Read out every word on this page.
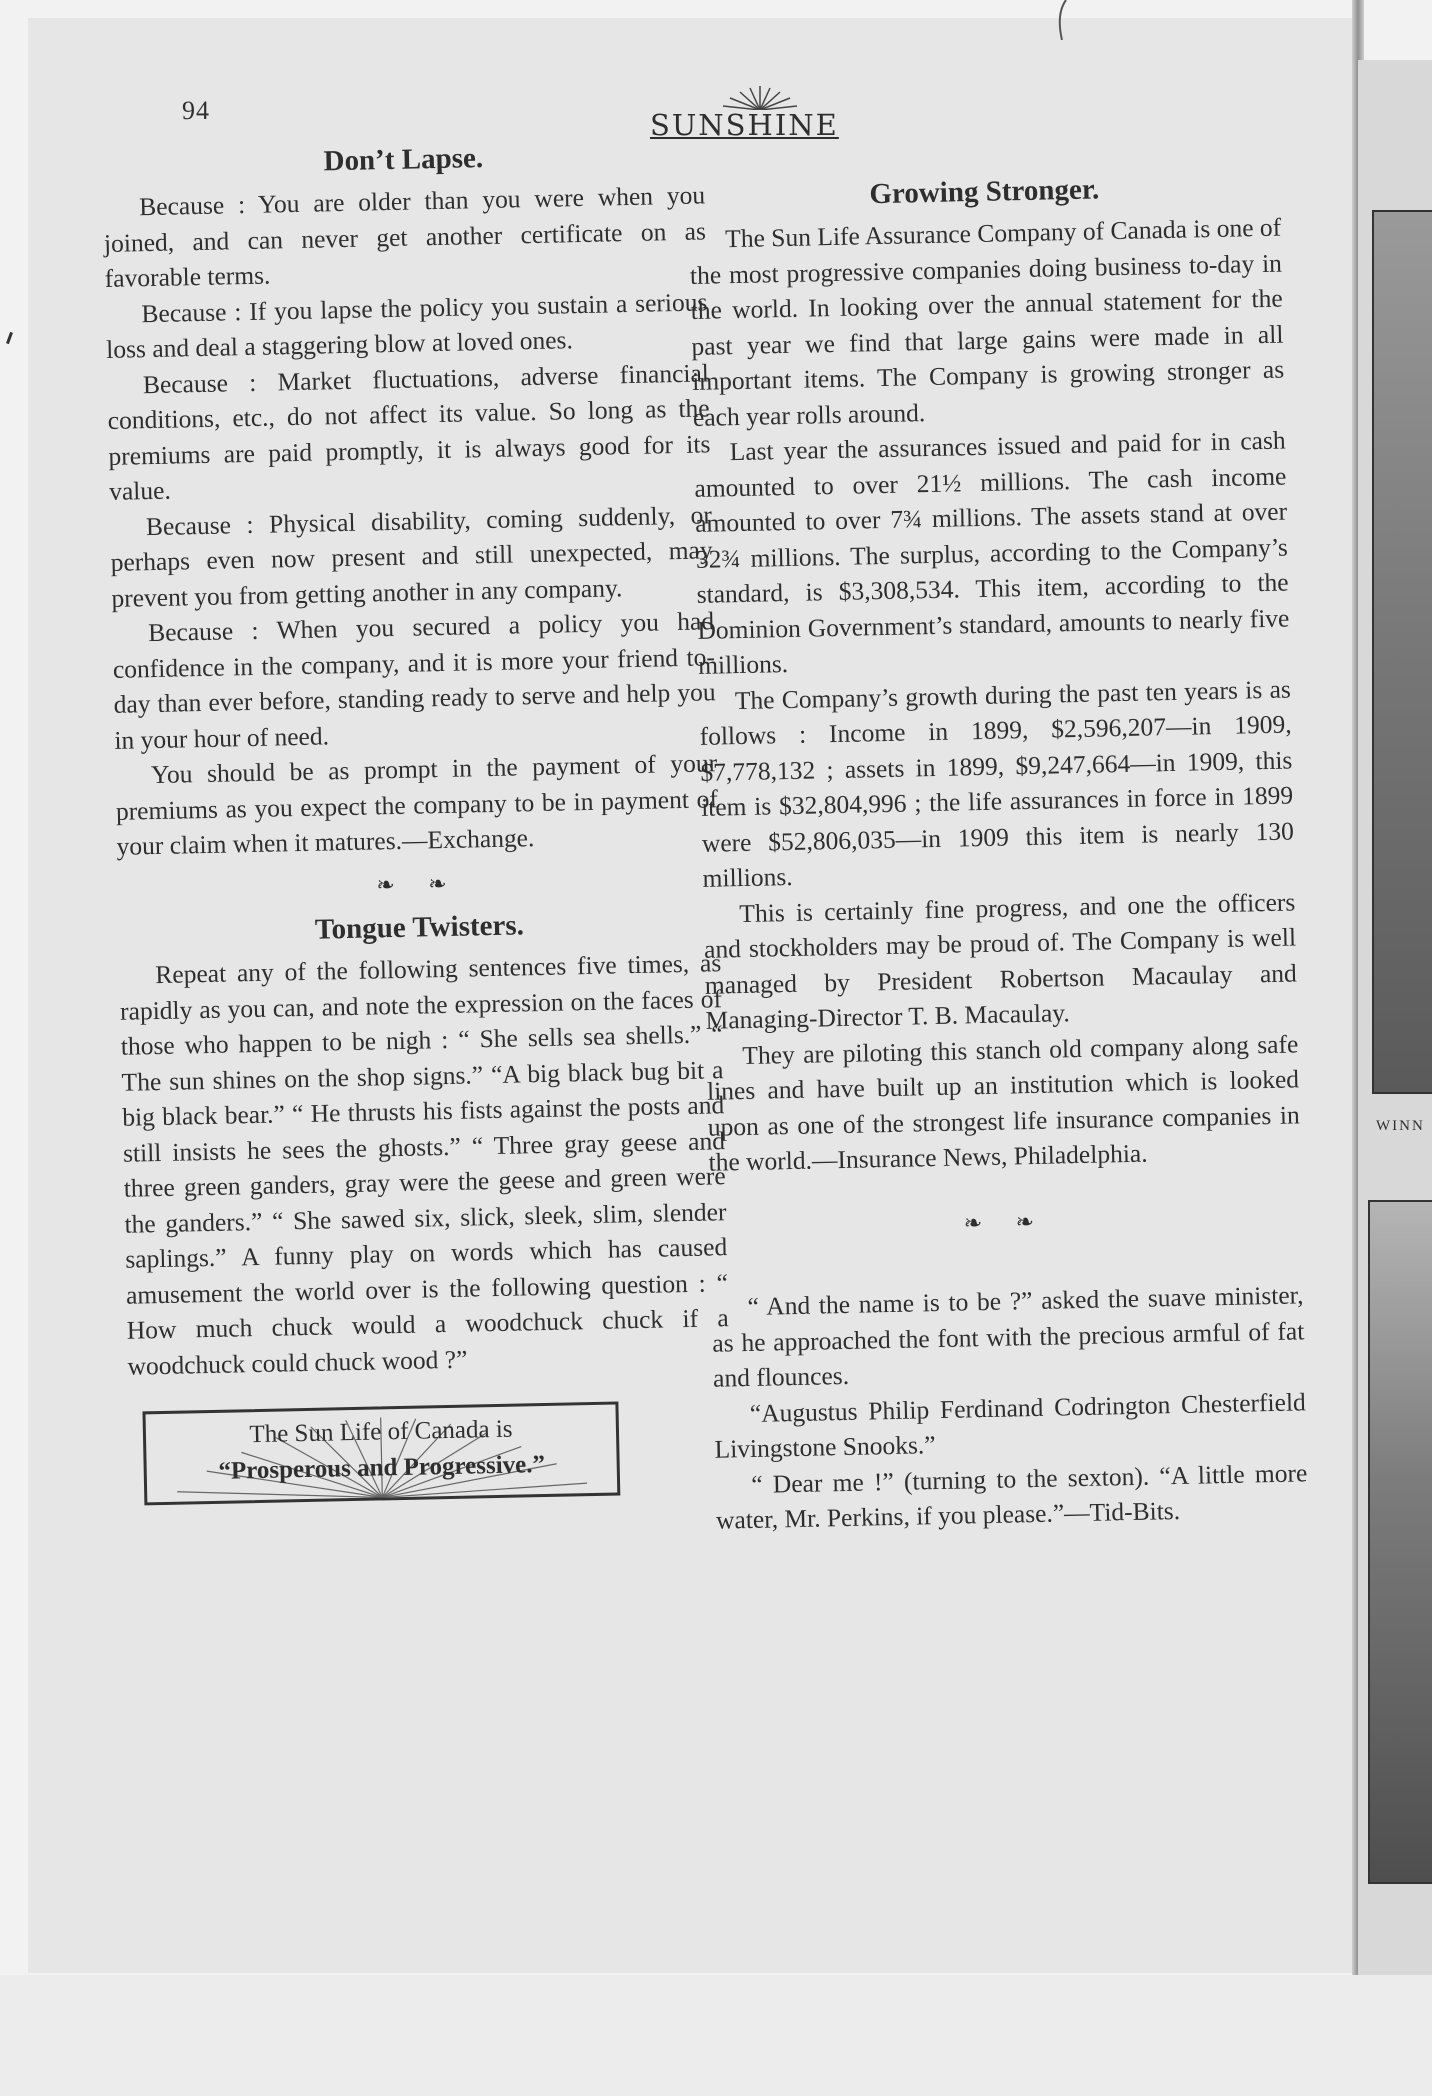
94	SUNSHINE
Don’t Lapse.

Because : You are older than you were when you joined, and can never get another certificate on as favorable terms.

Because : If you lapse the policy you sustain a serious loss and deal a staggering blow at loved ones.

Because : Market fluctuations, adverse financial conditions, etc., do not affect its value. So long as the premiums are paid promptly, it is always good for its value.

Because : Physical disability, coming suddenly, or perhaps even now present and still unexpected, may prevent you from getting another in any company.

Because : When you secured a policy you had confidence in the company, and it is more your friend to-day than ever before, standing ready to serve and help you in your hour of need.

You should be as prompt in the payment of your premiums as you expect the company to be in payment of your claim when it matures.—Exchange.

❧ ❧
Tongue Twisters.

Repeat any of the following sentences five times, as rapidly as you can, and note the expression on the faces of those who happen to be nigh : “ She sells sea shells.” “ The sun shines on the shop signs.” “A big black bug bit a big black bear.” “ He thrusts his fists against the posts and still insists he sees the ghosts.” “ Three gray geese and three green ganders, gray were the geese and green were the ganders.” “ She sawed six, slick, sleek, slim, slender saplings.” A funny play on words which has caused amusement the world over is the following question : “ How much chuck would a woodchuck chuck if a woodchuck could chuck wood ?”

The Sun Life of Canada is
“Prosperous and Progressive.”
Growing Stronger.

The Sun Life Assurance Company of Canada is one of the most progressive companies doing business to-day in the world. In looking over the annual statement for the past year we find that large gains were made in all important items. The Company is growing stronger as each year rolls around.

Last year the assurances issued and paid for in cash amounted to over 21½ millions. The cash income amounted to over 7¾ millions. The assets stand at over 32¾ millions. The surplus, according to the Company’s standard, is $3,308,534. This item, according to the Dominion Government’s standard, amounts to nearly five millions.

The Company’s growth during the past ten years is as follows : Income in 1899, $2,596,207—in 1909, $7,778,132 ; assets in 1899, $9,247,664—in 1909, this item is $32,804,996 ; the life assurances in force in 1899 were $52,806,035—in 1909 this item is nearly 130 millions.

This is certainly fine progress, and one the officers and stockholders may be proud of. The Company is well managed by President Robertson Macaulay and Managing-Director T. B. Macaulay.

They are piloting this stanch old company along safe lines and have built up an institution which is looked upon as one of the strongest life insurance companies in the world.—Insurance News, Philadelphia.

❧ ❧

“ And the name is to be ?” asked the suave minister, as he approached the font with the precious armful of fat and flounces.

“Augustus Philip Ferdinand Codrington Chesterfield Livingstone Snooks.”

“ Dear me !” (turning to the sexton). “A little more water, Mr. Perkins, if you please.”—Tid-Bits.

WINN
